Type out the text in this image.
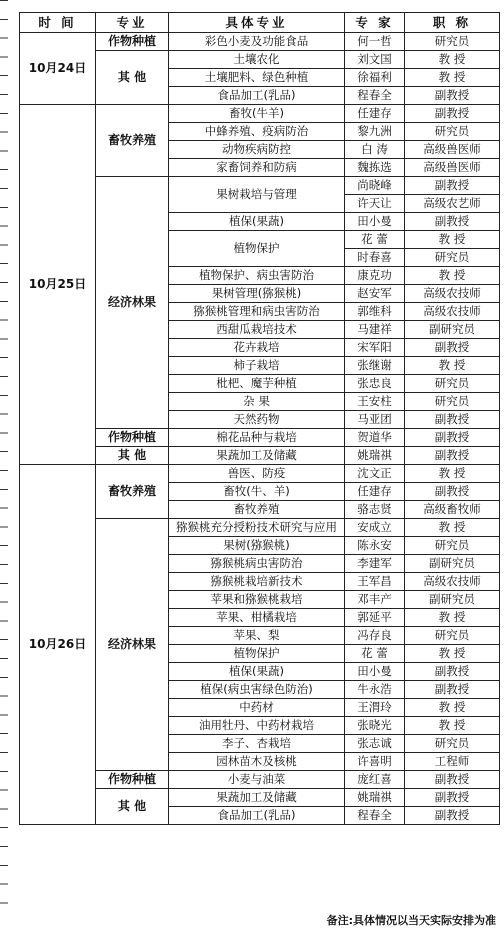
时 间	专业	具体专业	专 家	职 称
10月24日	作物种植	彩色小麦及功能食品	何一哲	研究员
	其 他	土壤农化	刘文国	教 授
		土壤肥料、绿色种植	徐福利	教 授
		食品加工(乳品)	程春全	副教授
10月25日	畜牧养殖	畜牧(牛羊)	任建存	副教授
		中蜂养殖、疫病防治	黎九洲	研究员
		动物疾病防控	白 涛	高级兽医师
		家畜饲养和防病	魏拣选	高级兽医师
	经济林果	果树栽培与管理	尚晓峰	副教授
			许天让	高级农艺师
		植保(果蔬)	田小曼	副教授
		植物保护	花 蕾	教 授
			时春喜	研究员
		植物保护、病虫害防治	康克功	教 授
		果树管理(猕猴桃)	赵安军	高级农技师
		猕猴桃管理和病虫害防治	郭维科	高级农技师
		西甜瓜栽培技术	马建祥	副研究员
		花卉栽培	宋军阳	副教授
		柿子栽培	张继谢	教 授
		枇杷、魔芋种植	张忠良	研究员
		杂 果	王安柱	研究员
		天然药物	马亚团	副教授
	作物种植	棉花品种与栽培	贺道华	副教授
	其 他	果蔬加工及储藏	姚瑞祺	副教授
10月26日	畜牧养殖	兽医、防疫	沈文正	教 授
		畜牧(牛、羊)	任建存	副教授
		畜牧养殖	骆志贤	高级畜牧师
	经济林果	猕猴桃充分授粉技术研究与应用	安成立	教 授
		果树(猕猴桃)	陈永安	研究员
		猕猴桃病虫害防治	李建军	副研究员
		猕猴桃栽培新技术	王军昌	高级农技师
		苹果和猕猴桃栽培	邓丰产	副研究员
		苹果、柑橘栽培	郭延平	教 授
		苹果、梨	冯存良	研究员
		植物保护	花 蕾	教 授
		植保(果蔬)	田小曼	副教授
		植保(病虫害绿色防治)	牛永浩	副教授
		中药材	王渭玲	教 授
		油用牡丹、中药材栽培	张晓光	教 授
		李子、杏栽培	张志诚	研究员
		园林苗木及核桃	许喜明	工程师
	作物种植	小麦与油菜	庞红喜	副教授
	其 他	果蔬加工及储藏	姚瑞祺	副教授
		食品加工(乳品)	程春全	副教授
备注:具体情况以当天实际安排为准
